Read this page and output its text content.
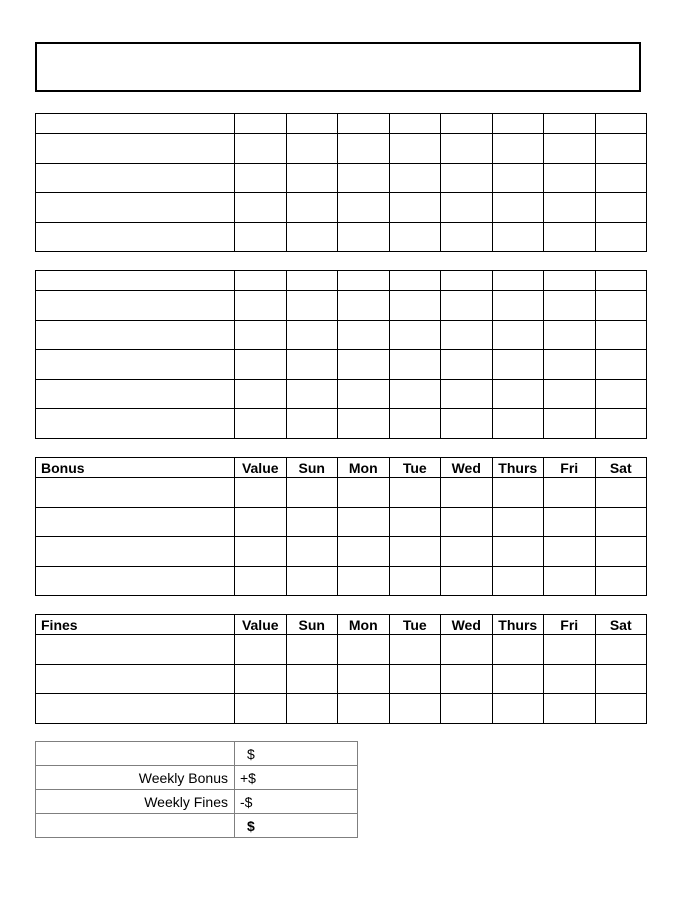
Bonus	Value	Sun	Mon	Tue	Wed	Thurs	Fri	Sat

Fines	Value	Sun	Mon	Tue	Wed	Thurs	Fri	Sat

	$
Weekly Bonus	+$
Weekly Fines	-$
	$
